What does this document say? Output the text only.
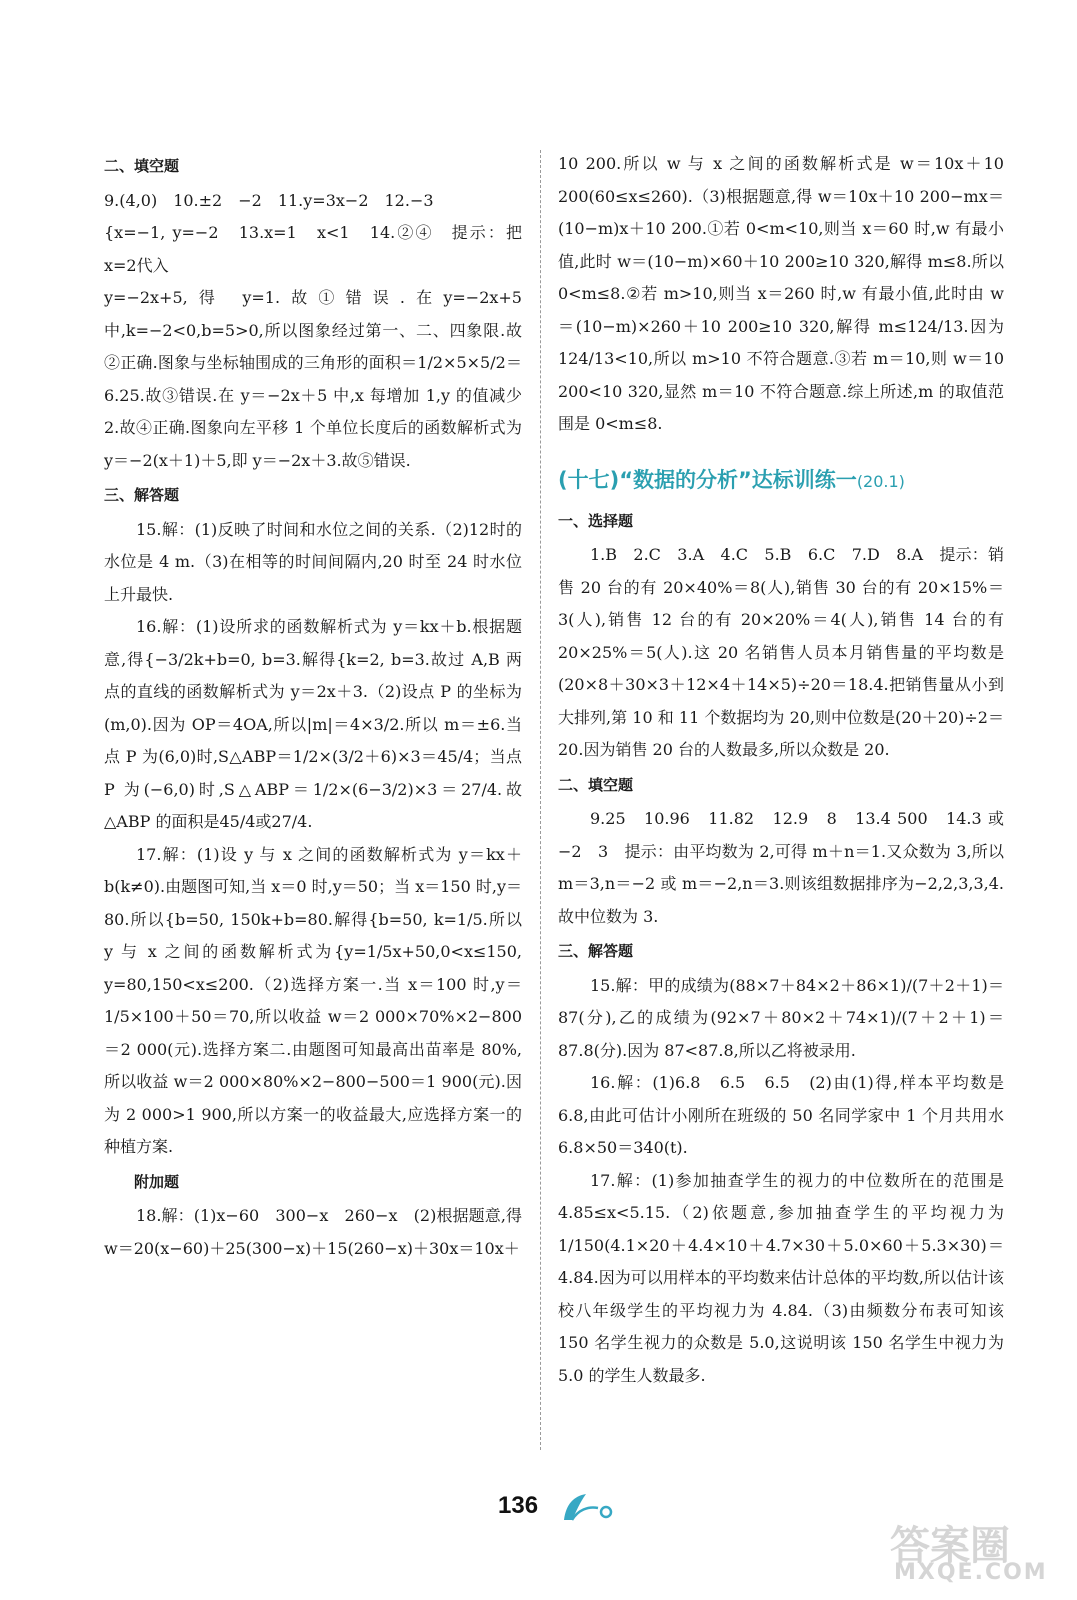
二、填空题

9.(4,0)　10.±2　−2　11.y=3x−2　12.−3

{x=−1, y=−2　13.x=1　x<1　14.②④　提示：把x=2代入

y=−2x+5,得 y=1.故①错误.在y=−2x+5中,k=−2<0,b=5>0,所以图象经过第一、二、四象限.故②正确.图象与坐标轴围成的三角形的面积＝1/2×5×5/2＝6.25.故③错误.在 y＝−2x＋5 中,x 每增加 1,y 的值减少 2.故④正确.图象向左平移 1 个单位长度后的函数解析式为 y＝−2(x＋1)＋5,即 y＝−2x＋3.故⑤错误.

三、解答题

15.解：(1)反映了时间和水位之间的关系.（2)12时的水位是 4 m.（3)在相等的时间间隔内,20 时至 24 时水位上升最快.

16.解：(1)设所求的函数解析式为 y＝kx＋b.根据题意,得{−3/2k+b=0, b=3.解得{k=2, b=3.故过 A,B 两点的直线的函数解析式为 y＝2x＋3.（2)设点 P 的坐标为(m,0).因为 OP＝4OA,所以|m|＝4×3/2.所以 m＝±6.当点 P 为(6,0)时,S△ABP＝1/2×(3/2＋6)×3＝45/4；当点 P 为(−6,0)时,S△ABP＝1/2×(6−3/2)×3＝27/4.故△ABP 的面积是45/4或27/4.

17.解：(1)设 y 与 x 之间的函数解析式为 y＝kx＋b(k≠0).由题图可知,当 x＝0 时,y＝50；当 x＝150 时,y＝80.所以{b=50, 150k+b=80.解得{b=50, k=1/5.所以 y 与 x 之间的函数解析式为{y=1/5x+50,0<x≤150, y=80,150<x≤200.（2)选择方案一.当 x＝100 时,y＝1/5×100＋50＝70,所以收益 w＝2 000×70%×2−800＝2 000(元).选择方案二.由题图可知最高出苗率是 80%,所以收益 w＝2 000×80%×2−800−500＝1 900(元).因为 2 000>1 900,所以方案一的收益最大,应选择方案一的种植方案.

附加题

18.解：(1)x−60　300−x　260−x　(2)根据题意,得 w＝20(x−60)＋25(300−x)＋15(260−x)＋30x＝10x＋

10 200.所以 w 与 x 之间的函数解析式是 w＝10x＋10 200(60≤x≤260).（3)根据题意,得 w＝10x＋10 200−mx＝(10−m)x＋10 200.①若 0<m<10,则当 x＝60 时,w 有最小值,此时 w＝(10−m)×60＋10 200≥10 320,解得 m≤8.所以 0<m≤8.②若 m>10,则当 x＝260 时,w 有最小值,此时由 w＝(10−m)×260＋10 200≥10 320,解得 m≤124/13.因为124/13<10,所以 m>10 不符合题意.③若 m＝10,则 w＝10 200<10 320,显然 m＝10 不符合题意.综上所述,m 的取值范围是 0<m≤8.

(十七)“数据的分析”达标训练一(20.1)
一、选择题

1.B　2.C　3.A　4.C　5.B　6.C　7.D　8.A　提示：销售 20 台的有 20×40%＝8(人),销售 30 台的有 20×15%＝3(人),销售 12 台的有 20×20%＝4(人),销售 14 台的有 20×25%＝5(人).这 20 名销售人员本月销售量的平均数是(20×8＋30×3＋12×4＋14×5)÷20＝18.4.把销售量从小到大排列,第 10 和 11 个数据均为 20,则中位数是(20＋20)÷2＝20.因为销售 20 台的人数最多,所以众数是 20.

二、填空题

9.25　10.96　11.82　12.9　8　13.4 500　14.3 或−2　3　提示：由平均数为 2,可得 m＋n＝1.又众数为 3,所以 m＝3,n＝−2 或 m＝−2,n＝3.则该组数据排序为−2,2,3,3,4.故中位数为 3.

三、解答题

15.解：甲的成绩为(88×7＋84×2＋86×1)/(7＋2＋1)＝87(分),乙的成绩为(92×7＋80×2＋74×1)/(7＋2＋1)＝87.8(分).因为 87<87.8,所以乙将被录用.

16.解：(1)6.8　6.5　6.5　(2)由(1)得,样本平均数是 6.8,由此可估计小刚所在班级的 50 名同学家中 1 个月共用水 6.8×50＝340(t).

17.解：(1)参加抽查学生的视力的中位数所在的范围是 4.85≤x<5.15.（2)依题意,参加抽查学生的平均视力为 1/150(4.1×20＋4.4×10＋4.7×30＋5.0×60＋5.3×30)＝4.84.因为可以用样本的平均数来估计总体的平均数,所以估计该校八年级学生的平均视力为 4.84.（3)由频数分布表可知该 150 名学生视力的众数是 5.0,这说明该 150 名学生中视力为 5.0 的学生人数最多.

136
答案圈
MXQE.COM
